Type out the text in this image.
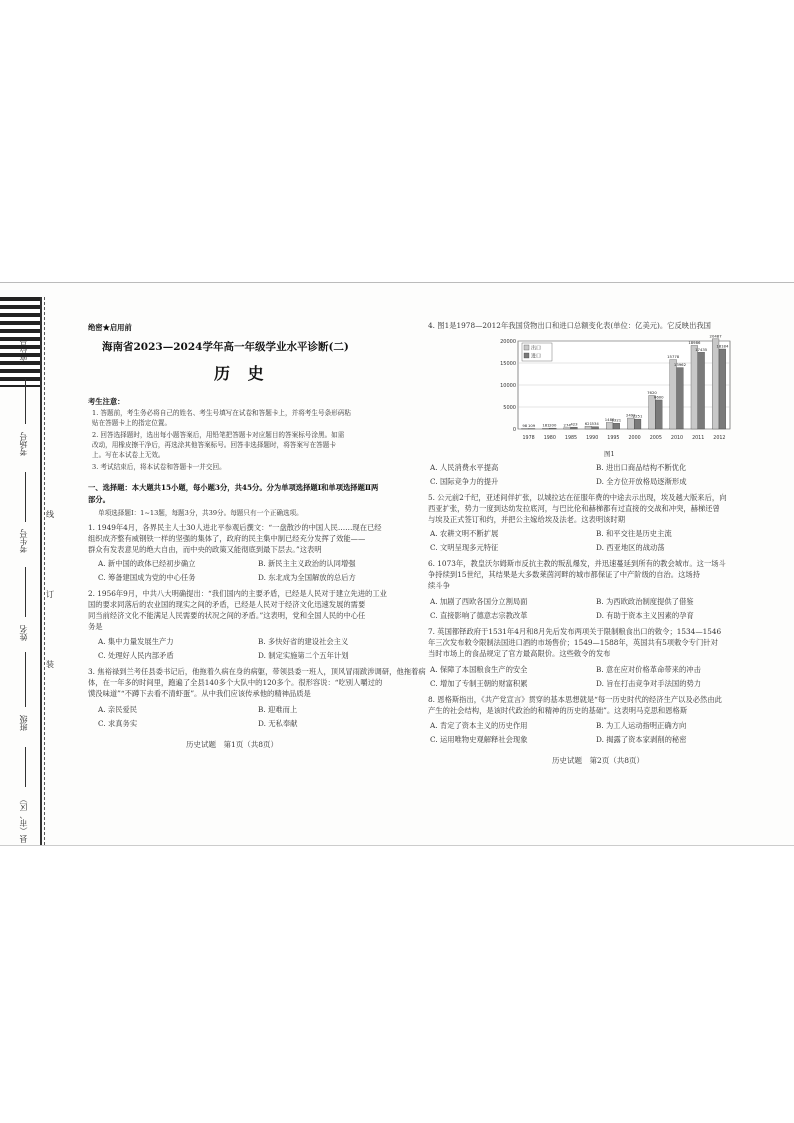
座位号
考场号
考生号
姓名
班级
县（市、区）
线
订
装
绝密★启用前
海南省2023—2024学年高一年级学业水平诊断(二)
历 史
考生注意：
1. 答题前，考生务必将自己的姓名、考生号填写在试卷和答题卡上，并将考生号条形码粘
贴在答题卡上的指定位置。
2. 回答选择题时，选出每小题答案后，用铅笔把答题卡对应题目的答案标号涂黑。如需
改动，用橡皮擦干净后，再选涂其他答案标号。回答非选择题时，将答案写在答题卡
上。写在本试卷上无效。
3. 考试结束后，将本试卷和答题卡一并交回。
一、选择题：本大题共15小题，每小题3分，共45分。分为单项选择题Ⅰ和单项选择题Ⅱ两
部分。
单项选择题Ⅰ：1~13题，每题3分，共39分。每题只有一个正确选项。
1. 1949年4月，各界民主人士30人进北平参观后撰文：“一盘散沙的中国人民……现在已经
组织成齐整有威钢铁一样的坚强的集体了，政府的民主集中制已经充分发挥了效能——
群众有发表意见的绝大自由，而中央的政策又能彻底到最下层去。”这表明
A. 新中国的政体已经初步确立	B. 新民主主义政治的认同增强
C. 筹备建国成为党的中心任务	D. 东北成为全国解放的总后方
2. 1956年9月，中共八大明确提出：“我们国内的主要矛盾，已经是人民对于建立先进的工业
国的要求同落后的农业国的现实之间的矛盾，已经是人民对于经济文化迅速发展的需要
同当前经济文化不能满足人民需要的状况之间的矛盾。”这表明，党和全国人民的中心任
务是
A. 集中力量发展生产力	B. 多快好省的建设社会主义
C. 处理好人民内部矛盾	D. 制定实施第二个五年计划
3. 焦裕禄到兰考任县委书记后，他拖着久病在身的病躯，带领县委一班人，顶风冒雨跋涉调研，他拖着病
体，在一年多的时间里，跑遍了全县140多个大队中的120多个。很形容说：“吃别人嚼过的
馍没味道”“不蹲下去看不清虾蛋”。从中我们应该传承他的精神品质是
A. 亲民爱民	B. 迎难而上
C. 求真务实	D. 无私奉献
历史试题　第1页（共8页）
4. 图1是1978—2012年我国货物出口和进口总额变化表(单位：亿美元)。它反映出我国
0
5000
10000
15000
20000
98	181	274	621
1488
2492
7620
15778
18986
20487
109	200	423	534
1321
2251
6600
13962
17435
18184
1978 1980 1985 1990 1995 2000 2005 2010 2011 2012
出口
进口
图1
A. 人民消费水平提高	B. 进出口商品结构不断优化
C. 国际竞争力的提升	D. 全方位开放格局逐渐形成
5. 公元前2千纪，亚述间伴扩张，以城拉达在征服年费的中途去示出现，埃及越大版来后，向
西亚扩张，势力一度到达幼发拉底河，与巴比伦和赫梯都有过直接的交战和冲突，赫梯还曾
与埃及正式签订和约，并把公主嫁给埃及法老。这表明该时期
A. 农耕文明不断扩展	B. 和平交往是历史主流
C. 文明呈现多元特征	D. 西亚地区的战动荡
6. 1073年，教皇沃尔姆斯市反抗主教的叛乱爆发，并迅速蔓延到所有的教会城市。这一场斗
争持续到15世纪，其结果是大多数莱茵河畔的城市都保证了中产阶级的自治。这场持
续斗争
A. 加剧了西欧各国分立割局面	B. 为西欧政治制度提供了借鉴
C. 直接影响了德意志宗教改革	D. 有助于资本主义因素的孕育
7. 英国都铎政府于1531年4月和8月先后发布两项关于限制粮食出口的敕令；1534—1546
年三次发布敕令限制法国进口酒的市场售价；1549—1588年，英国共有5项敕令专门针对
当时市场上的食品规定了官方最高限价。这些敕令的发布
A. 保障了本国粮食生产的安全	B. 意在应对价格革命带来的冲击
C. 增加了专制王朝的财富积累	D. 旨在打击竞争对手法国的势力
8. 恩格斯指出，《共产党宣言》贯穿的基本思想就是“每一历史时代的经济生产以及必然由此
产生的社会结构，是该时代政治的和精神的历史的基础”。这表明马克思和恩格斯
A. 肯定了资本主义的历史作用	B. 为工人运动指明正确方向
C. 运用唯物史观解释社会现象	D. 揭露了资本家剥削的秘密
历史试题　第2页（共8页）
